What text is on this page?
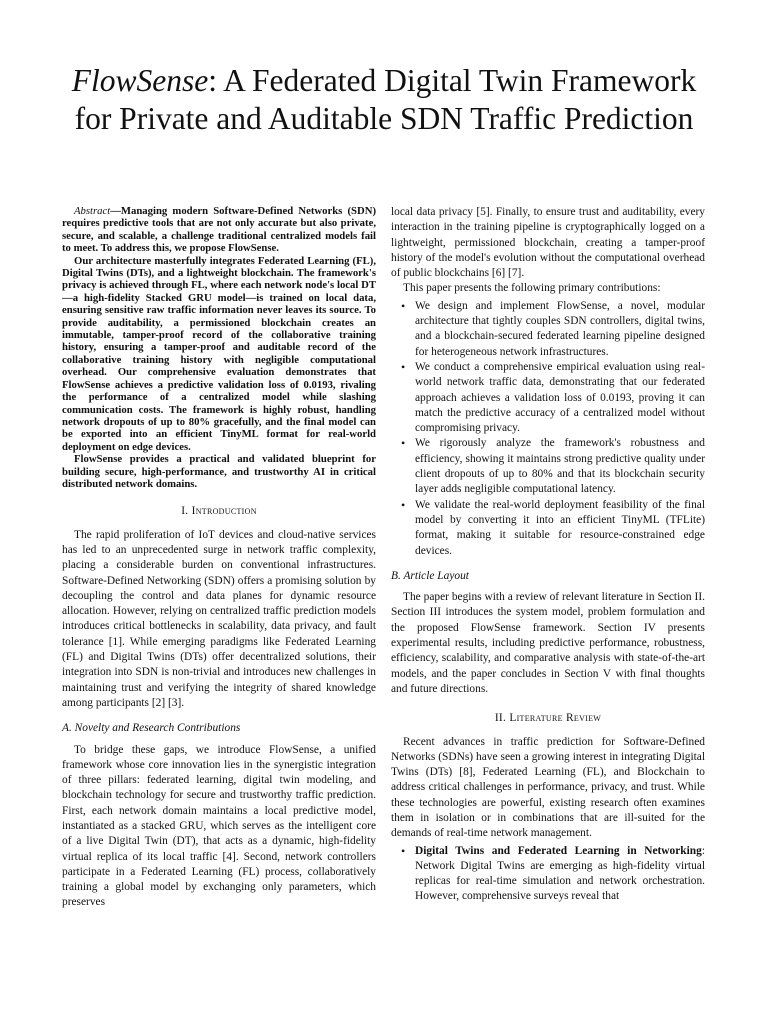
FlowSense: A Federated Digital Twin Framework
for Private and Auditable SDN Traffic Prediction

Abstract—Managing modern Software-Defined Networks (SDN) requires predictive tools that are not only accurate but also private, secure, and scalable, a challenge traditional centralized models fail to meet. To address this, we propose FlowSense.

Our architecture masterfully integrates Federated Learning (FL), Digital Twins (DTs), and a lightweight blockchain. The framework's privacy is achieved through FL, where each network node's local DT—a high-fidelity Stacked GRU model—is trained on local data, ensuring sensitive raw traffic information never leaves its source. To provide auditability, a permissioned blockchain creates an immutable, tamper-proof record of the collaborative training history, ensuring a tamper-proof and auditable record of the collaborative training history with negligible computational overhead. Our comprehensive evaluation demonstrates that FlowSense achieves a predictive validation loss of 0.0193, rivaling the performance of a centralized model while slashing communication costs. The framework is highly robust, handling network dropouts of up to 80% gracefully, and the final model can be exported into an efficient TinyML format for real-world deployment on edge devices.

FlowSense provides a practical and validated blueprint for building secure, high-performance, and trustworthy AI in critical distributed network domains.

I. Introduction

The rapid proliferation of IoT devices and cloud-native services has led to an unprecedented surge in network traffic complexity, placing a considerable burden on conventional infrastructures. Software-Defined Networking (SDN) offers a promising solution by decoupling the control and data planes for dynamic resource allocation. However, relying on centralized traffic prediction models introduces critical bottlenecks in scalability, data privacy, and fault tolerance [1]. While emerging paradigms like Federated Learning (FL) and Digital Twins (DTs) offer decentralized solutions, their integration into SDN is non-trivial and introduces new challenges in maintaining trust and verifying the integrity of shared knowledge among participants [2] [3].

A. Novelty and Research Contributions

To bridge these gaps, we introduce FlowSense, a unified framework whose core innovation lies in the synergistic integration of three pillars: federated learning, digital twin modeling, and blockchain technology for secure and trustworthy traffic prediction. First, each network domain maintains a local predictive model, instantiated as a stacked GRU, which serves as the intelligent core of a live Digital Twin (DT), that acts as a dynamic, high-fidelity virtual replica of its local traffic [4]. Second, network controllers participate in a Federated Learning (FL) process, collaboratively training a global model by exchanging only parameters, which preserves

local data privacy [5]. Finally, to ensure trust and auditability, every interaction in the training pipeline is cryptographically logged on a lightweight, permissioned blockchain, creating a tamper-proof history of the model's evolution without the computational overhead of public blockchains [6] [7].

This paper presents the following primary contributions:

• We design and implement FlowSense, a novel, modular architecture that tightly couples SDN controllers, digital twins, and a blockchain-secured federated learning pipeline designed for heterogeneous network infrastructures.
• We conduct a comprehensive empirical evaluation using real-world network traffic data, demonstrating that our federated approach achieves a validation loss of 0.0193, proving it can match the predictive accuracy of a centralized model without compromising privacy.
• We rigorously analyze the framework's robustness and efficiency, showing it maintains strong predictive quality under client dropouts of up to 80% and that its blockchain security layer adds negligible computational latency.
• We validate the real-world deployment feasibility of the final model by converting it into an efficient TinyML (TFLite) format, making it suitable for resource-constrained edge devices.
B. Article Layout

The paper begins with a review of relevant literature in Section II. Section III introduces the system model, problem formulation and the proposed FlowSense framework. Section IV presents experimental results, including predictive performance, robustness, efficiency, scalability, and comparative analysis with state-of-the-art models, and the paper concludes in Section V with final thoughts and future directions.

II. Literature Review

Recent advances in traffic prediction for Software-Defined Networks (SDNs) have seen a growing interest in integrating Digital Twins (DTs) [8], Federated Learning (FL), and Blockchain to address critical challenges in performance, privacy, and trust. While these technologies are powerful, existing research often examines them in isolation or in combinations that are ill-suited for the demands of real-time network management.

• Digital Twins and Federated Learning in Networking: Network Digital Twins are emerging as high-fidelity virtual replicas for real-time simulation and network orchestration. However, comprehensive surveys reveal that
